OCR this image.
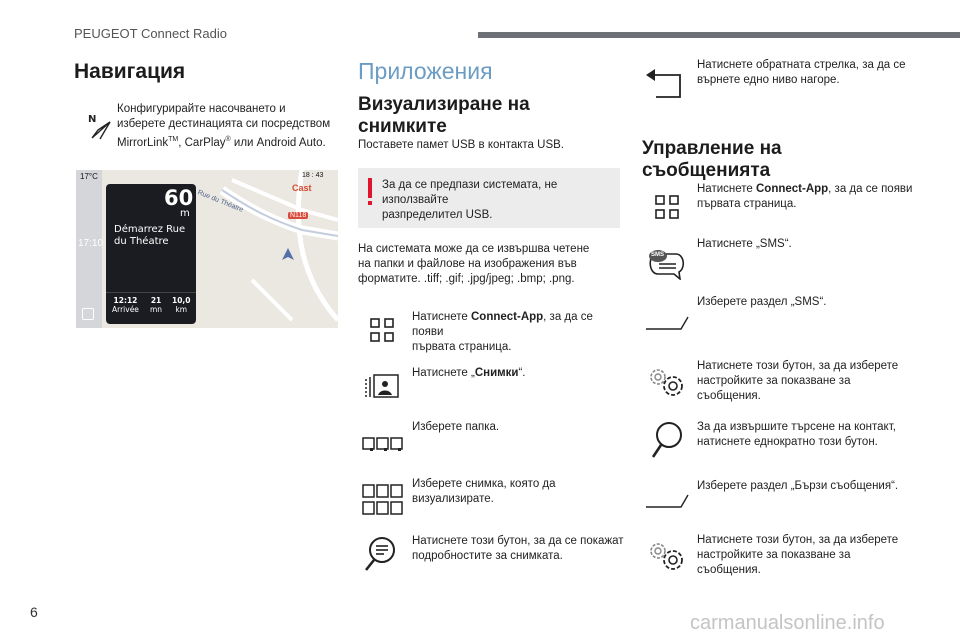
PEUGEOT Connect Radio
Навигация
N
Конфигурирайте насочването и
изберете дестинацията си посредством
MirrorLink™, CarPlay® или Android Auto.
Cast
Rue du Théatre
N118
17°C	18 : 43
17:10
60
m
Démarrez Rue
du Théatre
12:12
Arrivée
21
mn
10,0
km
Приложения
Визуализиране на
снимките
Поставете памет USB в контакта USB.
За да се предпази системата, не използвайте
разпределител USB.
На системата може да се извършва четене
на папки и файлове на изображения във
форматите. .tiff; .gif; .jpg/jpeg; .bmp; .png.
Натиснете Connect-App, за да се появи
първата страница.
Натиснете „Снимки“.
Изберете папка.
Изберете снимка, която да
визуализирате.
Натиснете този бутон, за да се покажат
подробностите за снимката.
Натиснете обратната стрелка, за да се
върнете едно ниво нагоре.
Управление на
съобщенията
Натиснете Connect-App, за да се появи
първата страница.
SMS
Натиснете „SMS“.
Изберете раздел „SMS“.
Натиснете този бутон, за да изберете
настройките за показване за
съобщения.
За да извършите търсене на контакт,
натиснете еднократно този бутон.
Изберете раздел „Бързи съобщения“.
Натиснете този бутон, за да изберете
настройките за показване за
съобщения.
6	carmanualsonline.info
